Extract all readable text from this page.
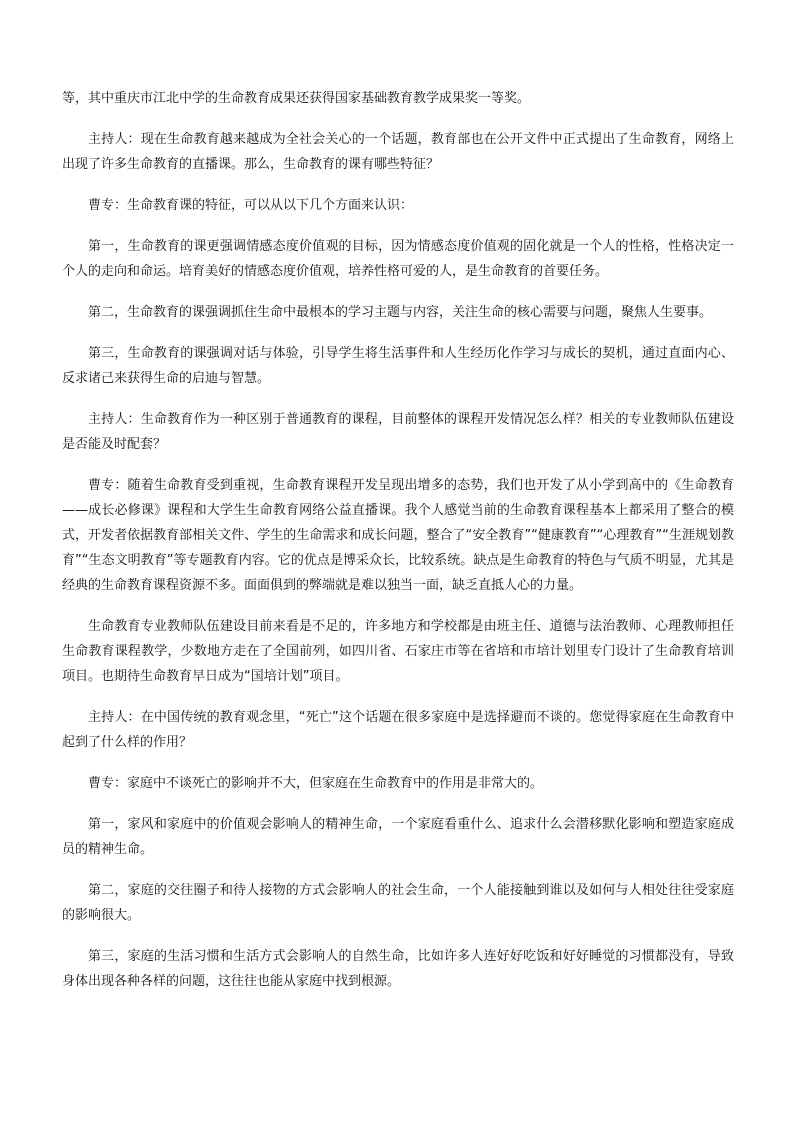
等，其中重庆市江北中学的生命教育成果还获得国家基础教育教学成果奖一等奖。

主持人：现在生命教育越来越成为全社会关心的一个话题，教育部也在公开文件中正式提出了生命教育，网络上出现了许多生命教育的直播课。那么，生命教育的课有哪些特征？

曹专：生命教育课的特征，可以从以下几个方面来认识：

第一，生命教育的课更强调情感态度价值观的目标，因为情感态度价值观的固化就是一个人的性格，性格决定一个人的走向和命运。培育美好的情感态度价值观，培养性格可爱的人，是生命教育的首要任务。

第二，生命教育的课强调抓住生命中最根本的学习主题与内容，关注生命的核心需要与问题，聚焦人生要事。

第三，生命教育的课强调对话与体验，引导学生将生活事件和人生经历化作学习与成长的契机，通过直面内心、反求诸己来获得生命的启迪与智慧。

主持人：生命教育作为一种区别于普通教育的课程，目前整体的课程开发情况怎么样？相关的专业教师队伍建设是否能及时配套？

曹专：随着生命教育受到重视，生命教育课程开发呈现出增多的态势，我们也开发了从小学到高中的《生命教育——成长必修课》课程和大学生生命教育网络公益直播课。我个人感觉当前的生命教育课程基本上都采用了整合的模式，开发者依据教育部相关文件、学生的生命需求和成长问题，整合了“安全教育”“健康教育”“心理教育”“生涯规划教育”“生态文明教育”等专题教育内容。它的优点是博采众长，比较系统。缺点是生命教育的特色与气质不明显，尤其是经典的生命教育课程资源不多。面面俱到的弊端就是难以独当一面，缺乏直抵人心的力量。

生命教育专业教师队伍建设目前来看是不足的，许多地方和学校都是由班主任、道德与法治教师、心理教师担任生命教育课程教学，少数地方走在了全国前列，如四川省、石家庄市等在省培和市培计划里专门设计了生命教育培训项目。也期待生命教育早日成为“国培计划”项目。

主持人：在中国传统的教育观念里，“死亡”这个话题在很多家庭中是选择避而不谈的。您觉得家庭在生命教育中起到了什么样的作用？

曹专：家庭中不谈死亡的影响并不大，但家庭在生命教育中的作用是非常大的。

第一，家风和家庭中的价值观会影响人的精神生命，一个家庭看重什么、追求什么会潜移默化影响和塑造家庭成员的精神生命。

第二，家庭的交往圈子和待人接物的方式会影响人的社会生命，一个人能接触到谁以及如何与人相处往往受家庭的影响很大。

第三，家庭的生活习惯和生活方式会影响人的自然生命，比如许多人连好好吃饭和好好睡觉的习惯都没有，导致身体出现各种各样的问题，这往往也能从家庭中找到根源。
